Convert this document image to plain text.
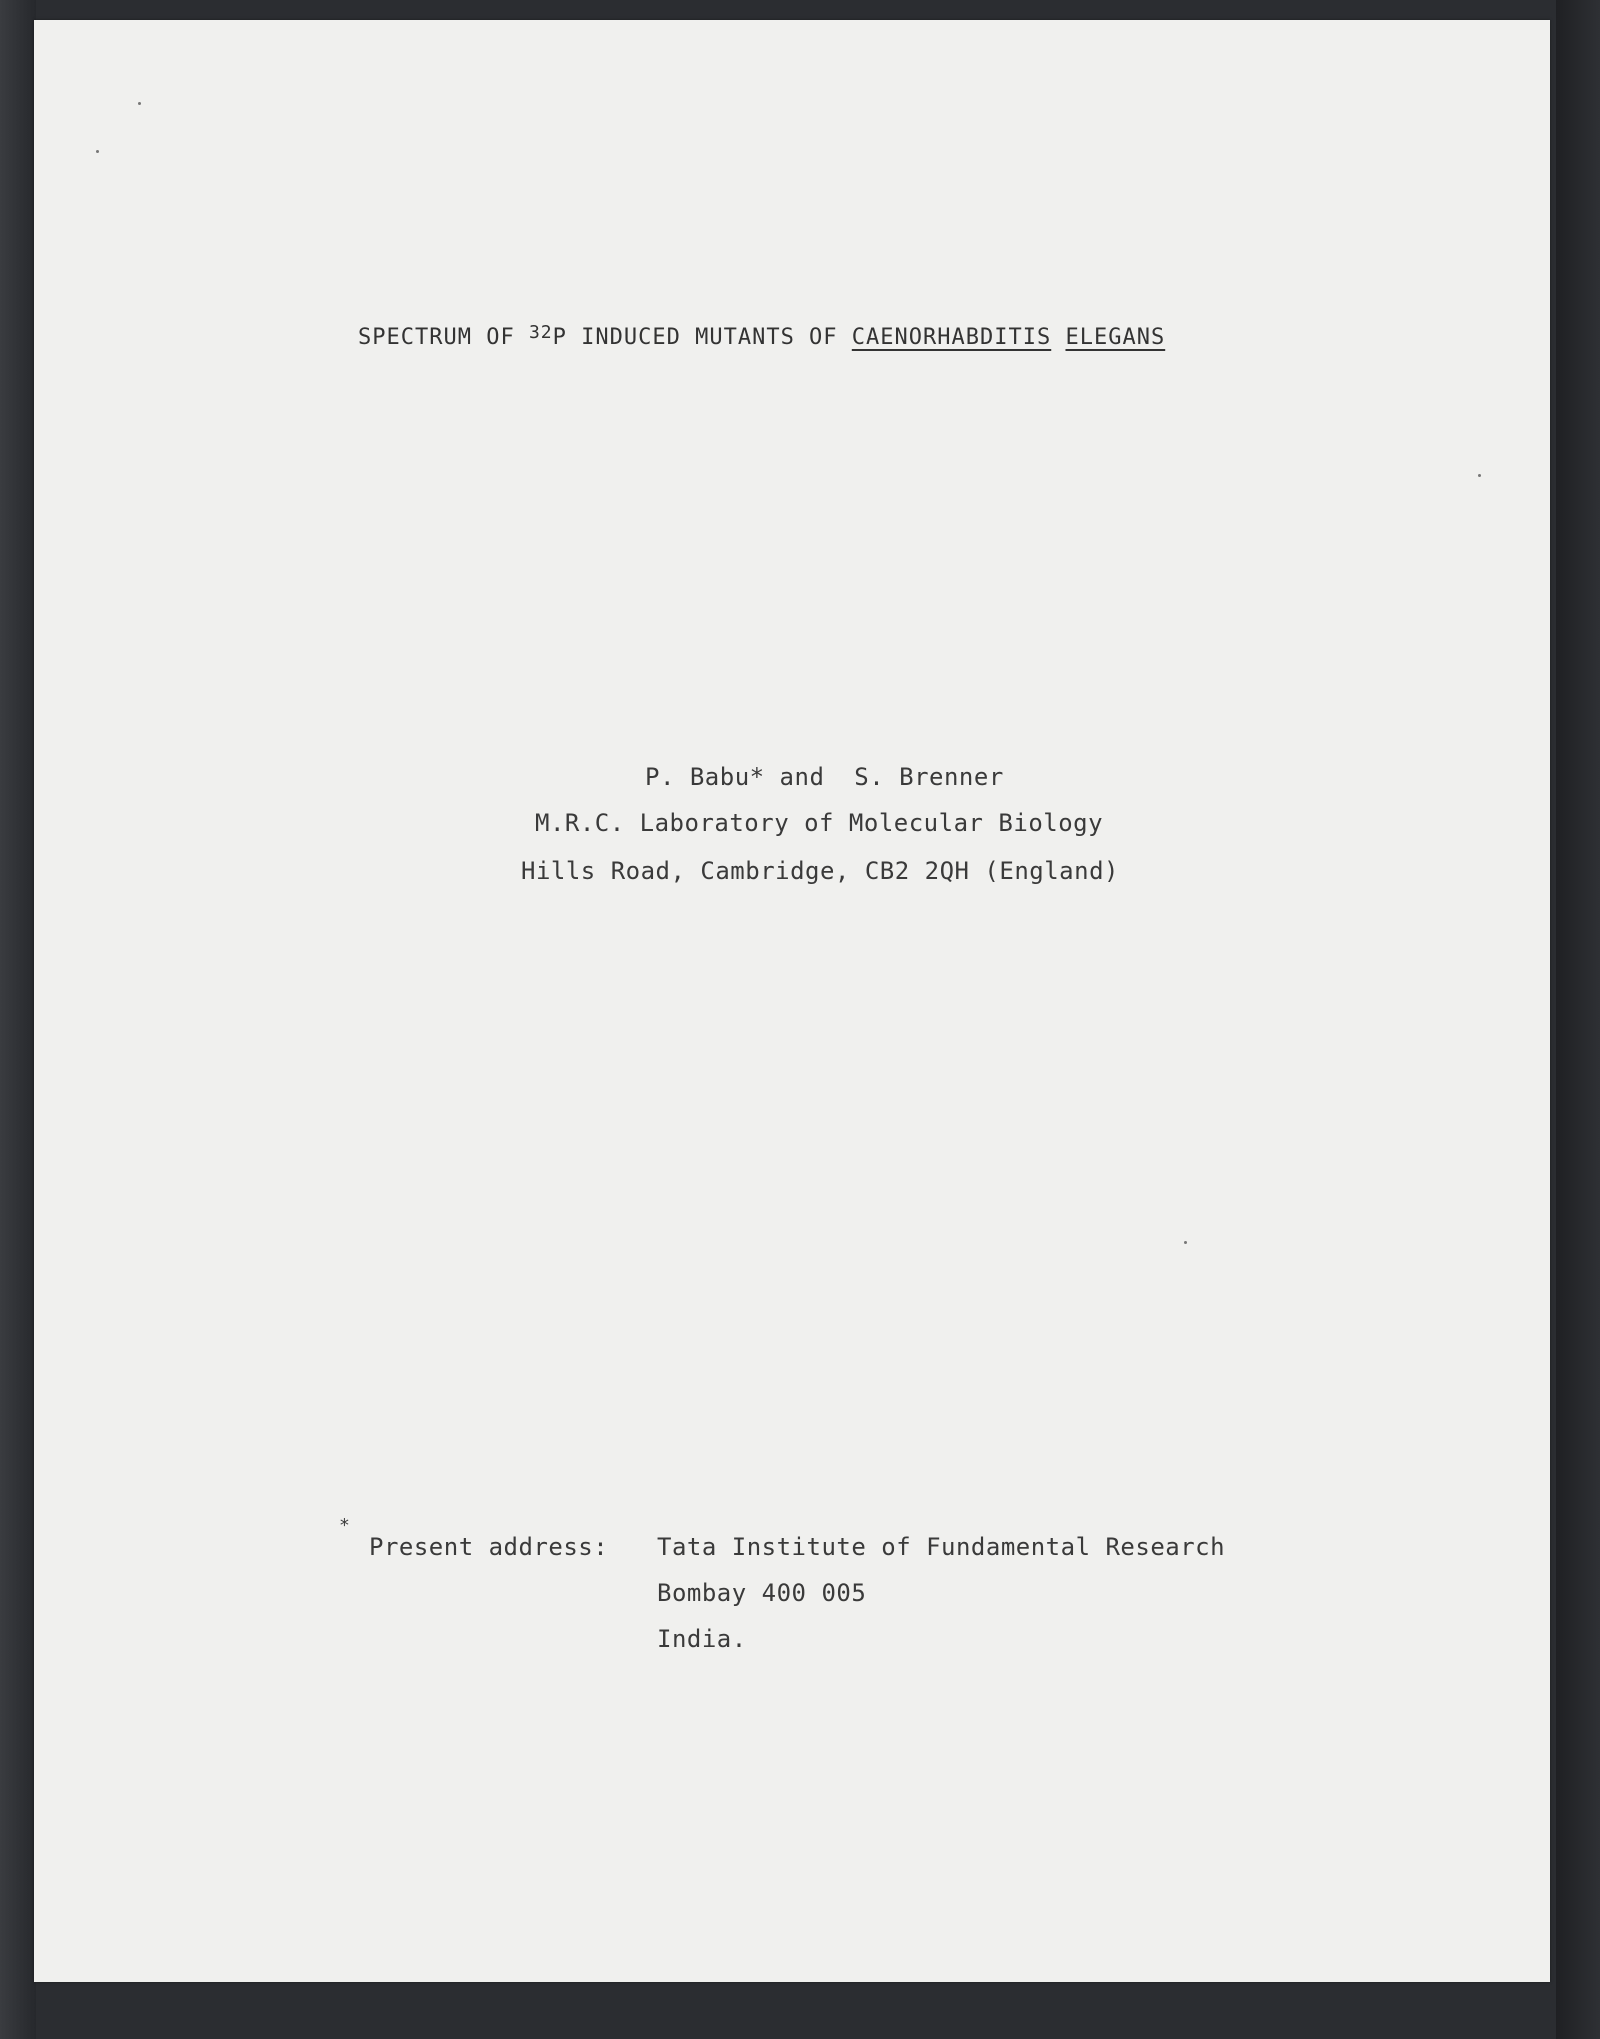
SPECTRUM OF $^{32}$P INDUCED MUTANTS OF CAENORHABDITIS ELEGANS
P. Babu* and  S. Brenner
M.R.C. Laboratory of Molecular Biology
Hills Road, Cambridge, CB2 2QH (England)
*
Present address: Tata Institute of Fundamental Research
Bombay 400 005
India.
